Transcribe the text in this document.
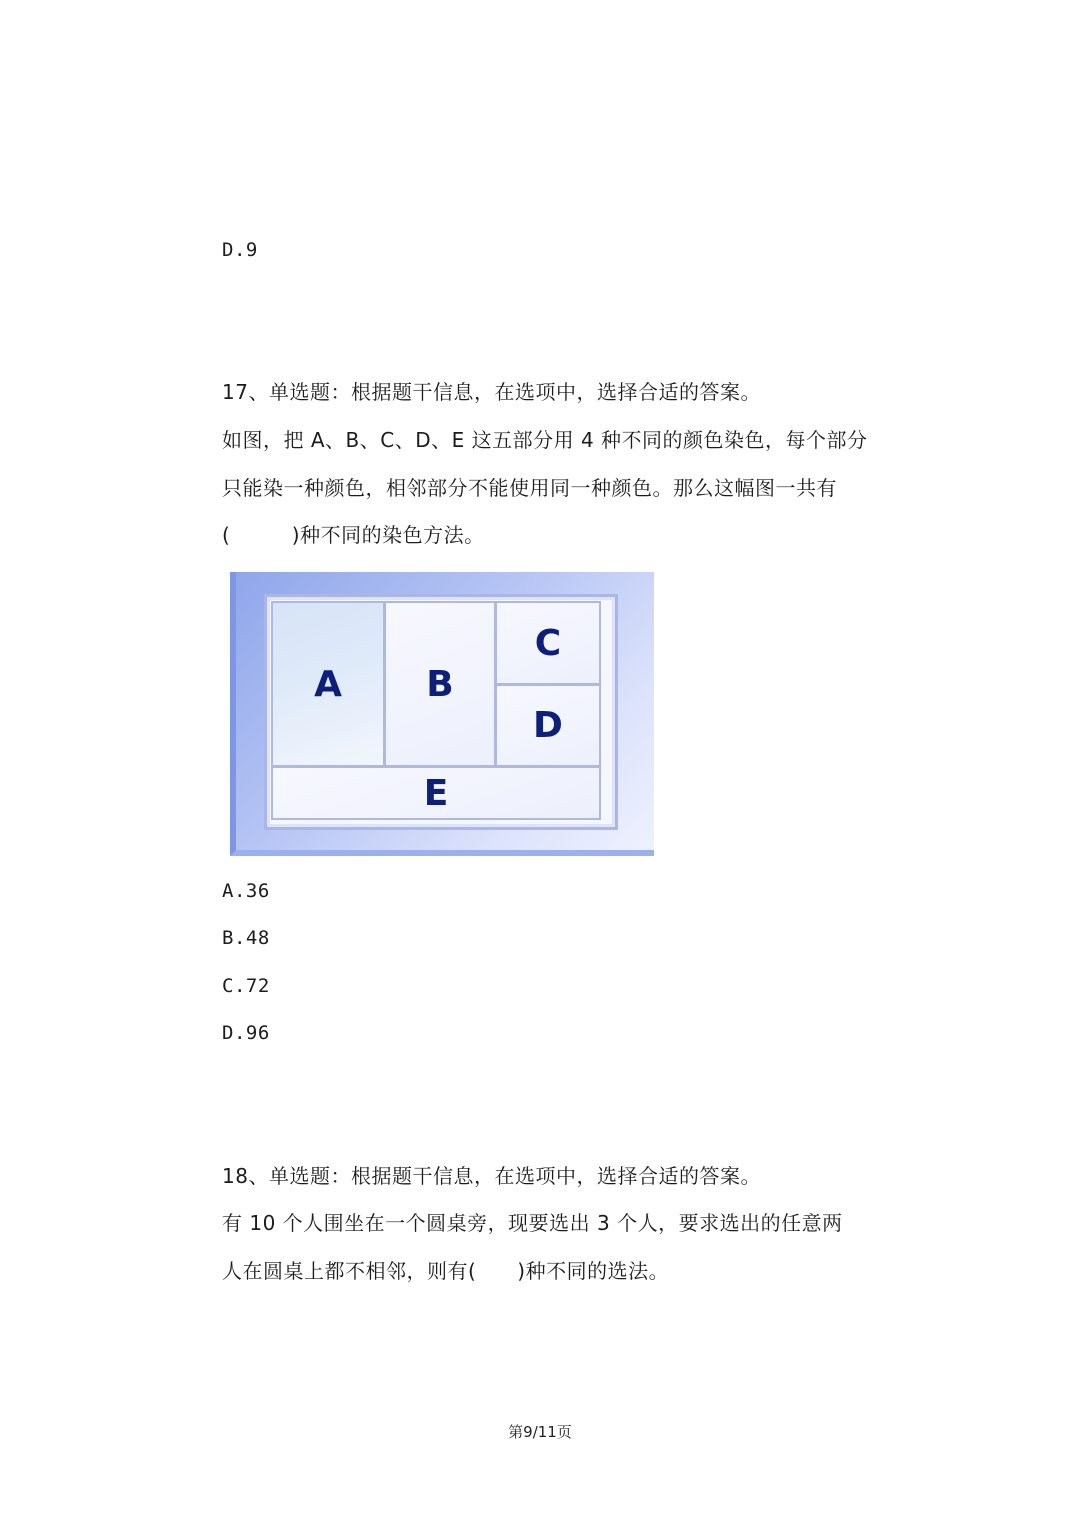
D.9
17、单选题：根据题干信息，在选项中，选择合适的答案。
如图，把 A、B、C、D、E 这五部分用 4 种不同的颜色染色，每个部分
只能染一种颜色，相邻部分不能使用同一种颜色。那么这幅图一共有
(　　　)种不同的染色方法。
A	B
C
D
E
A.36
B.48
C.72
D.96
18、单选题：根据题干信息，在选项中，选择合适的答案。
有 10 个人围坐在一个圆桌旁，现要选出 3 个人，要求选出的任意两
人在圆桌上都不相邻，则有(　　)种不同的选法。
第9/11页
